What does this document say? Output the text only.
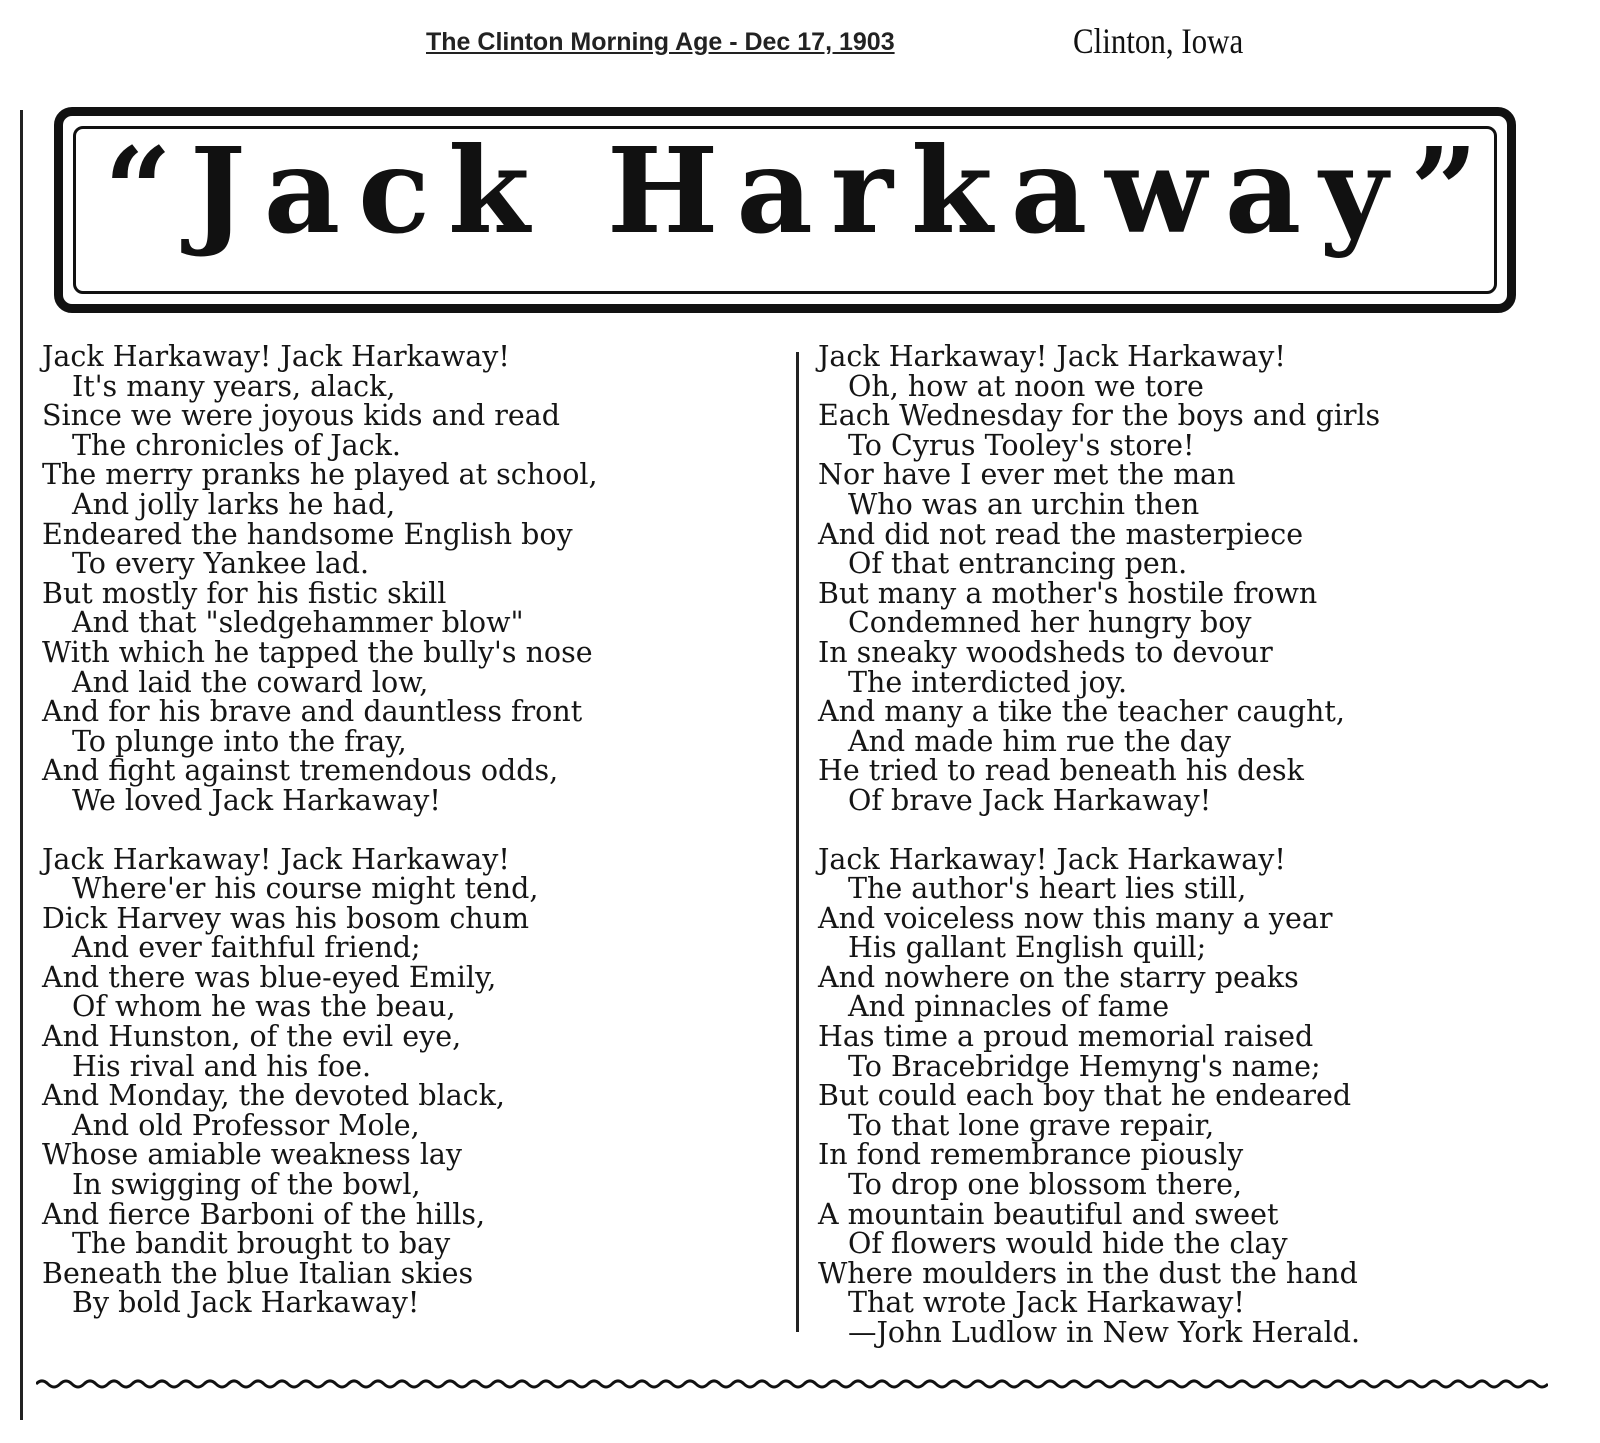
The Clinton Morning Age - Dec 17, 1903	Clinton, Iowa
“Jack Harkaway”
Jack Harkaway! Jack Harkaway!
It's many years, alack,
Since we were joyous kids and read
The chronicles of Jack.
The merry pranks he played at school,
And jolly larks he had,
Endeared the handsome English boy
To every Yankee lad.
But mostly for his fistic skill
And that "sledgehammer blow"
With which he tapped the bully's nose
And laid the coward low,
And for his brave and dauntless front
To plunge into the fray,
And fight against tremendous odds,
We loved Jack Harkaway!
Jack Harkaway! Jack Harkaway!
Where'er his course might tend,
Dick Harvey was his bosom chum
And ever faithful friend;
And there was blue-eyed Emily,
Of whom he was the beau,
And Hunston, of the evil eye,
His rival and his foe.
And Monday, the devoted black,
And old Professor Mole,
Whose amiable weakness lay
In swigging of the bowl,
And fierce Barboni of the hills,
The bandit brought to bay
Beneath the blue Italian skies
By bold Jack Harkaway!
Jack Harkaway! Jack Harkaway!
Oh, how at noon we tore
Each Wednesday for the boys and girls
To Cyrus Tooley's store!
Nor have I ever met the man
Who was an urchin then
And did not read the masterpiece
Of that entrancing pen.
But many a mother's hostile frown
Condemned her hungry boy
In sneaky woodsheds to devour
The interdicted joy.
And many a tike the teacher caught,
And made him rue the day
He tried to read beneath his desk
Of brave Jack Harkaway!
Jack Harkaway! Jack Harkaway!
The author's heart lies still,
And voiceless now this many a year
His gallant English quill;
And nowhere on the starry peaks
And pinnacles of fame
Has time a proud memorial raised
To Bracebridge Hemyng's name;
But could each boy that he endeared
To that lone grave repair,
In fond remembrance piously
To drop one blossom there,
A mountain beautiful and sweet
Of flowers would hide the clay
Where moulders in the dust the hand
That wrote Jack Harkaway!
—John Ludlow in New York Herald.
